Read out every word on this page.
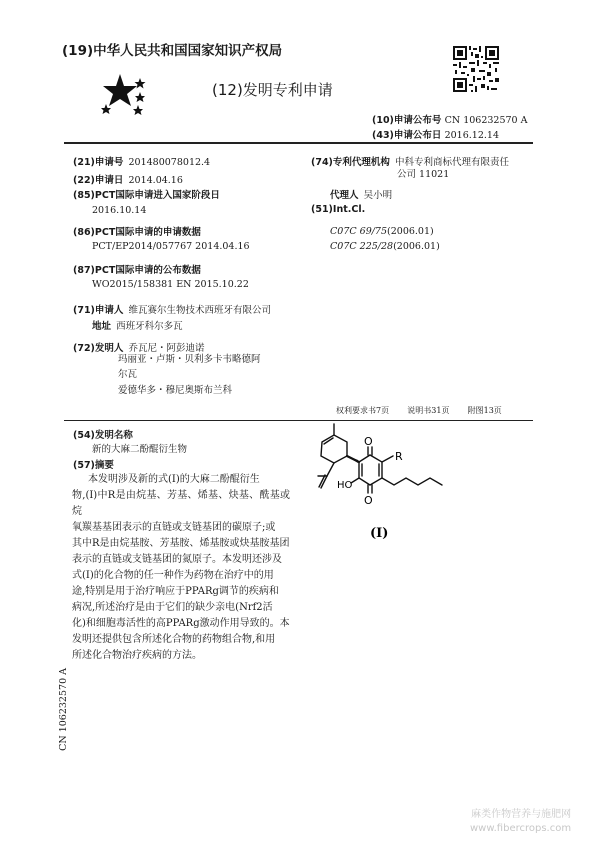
(19)中华人民共和国国家知识产权局
(12)发明专利申请
(10)申请公布号 CN 106232570 A
(43)申请公布日 2016.12.14
(21)申请号 201480078012.4
(22)申请日 2014.04.16
(85)PCT国际申请进入国家阶段日
2016.10.14
(86)PCT国际申请的申请数据
PCT/EP2014/057767 2014.04.16
(87)PCT国际申请的公布数据
WO2015/158381 EN 2015.10.22
(71)申请人 维瓦赛尔生物技术西班牙有限公司
地址 西班牙科尔多瓦
(72)发明人 乔瓦尼・阿彭迪诺
玛丽亚・卢斯・贝利多卡韦略德阿
尔瓦
爱德华多・穆尼奥斯布兰科
(74)专利代理机构 中科专利商标代理有限责任
公司 11021
代理人 吴小明
(51)Int.Cl.
C07C 69/75(2006.01)
C07C 225/28(2006.01)
权利要求书7页 说明书31页 附图13页
(54)发明名称
新的大麻二酚醌衍生物
(57)摘要
本发明涉及新的式(I)的大麻二酚醌衍生
物,(I)中R是由烷基、芳基、烯基、炔基、酰基或烷
氧羰基基团表示的直链或支链基团的碳原子;或
其中R是由烷基胺、芳基胺、烯基胺或炔基胺基团
表示的直链或支链基团的氮原子。本发明还涉及
式(I)的化合物的任一种作为药物在治疗中的用
途,特别是用于治疗响应于PPARg调节的疾病和
病况,所述治疗是由于它们的缺少亲电(Nrf2活
化)和细胞毒活性的高PPARg激动作用导致的。本
发明还提供包含所述化合物的药物组合物,和用
所述化合物治疗疾病的方法。
O
O
R
HO
(I)
CN 106232570 A
麻类作物营养与施肥网
www.fibercrops.com
